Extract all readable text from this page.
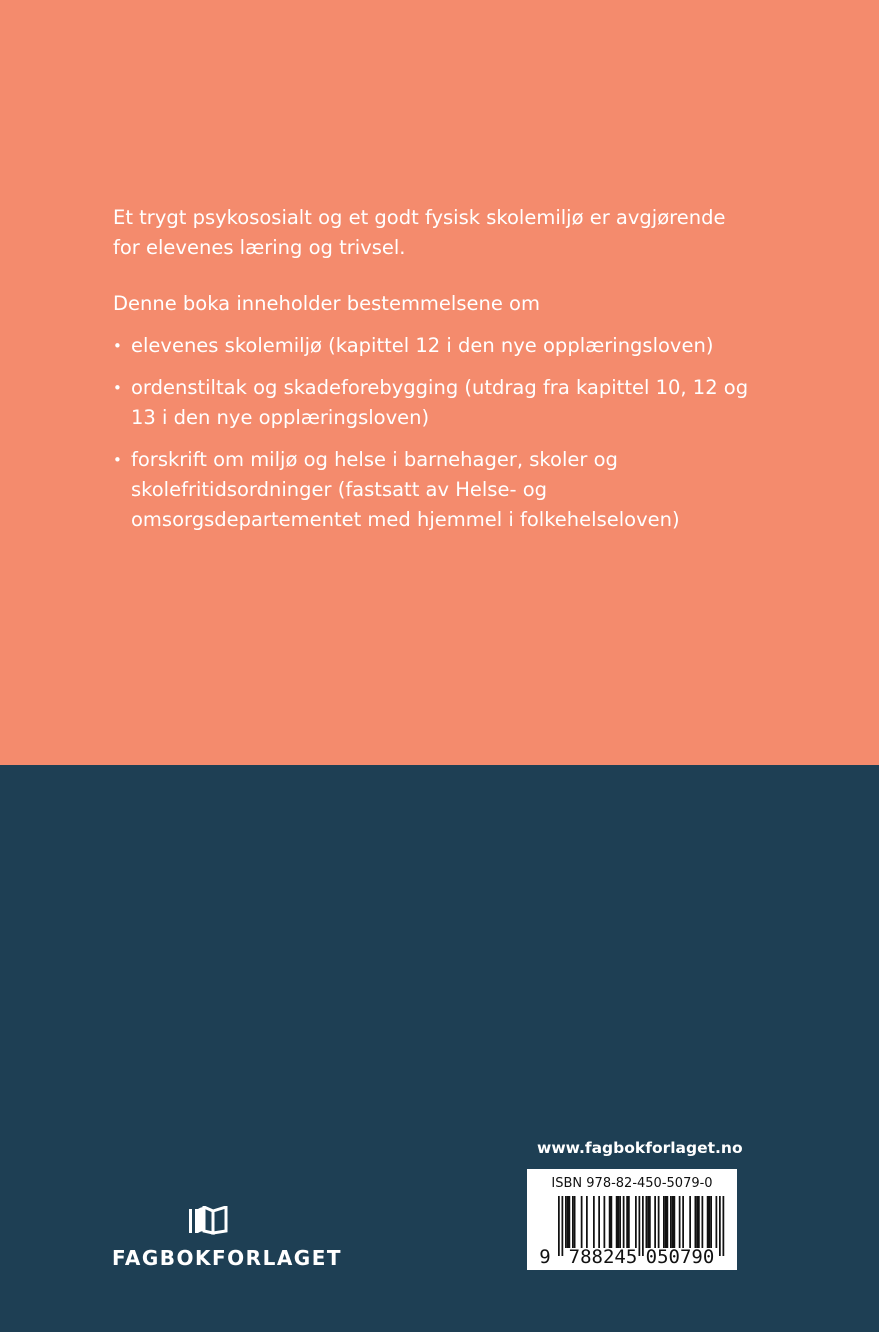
Et trygt psykososialt og et godt fysisk skolemiljø er avgjørende for elevenes læring og trivsel.

Denne boka inneholder bestemmelsene om

• elevenes skolemiljø (kapittel 12 i den nye opplæringsloven)
• ordenstiltak og skadeforebygging (utdrag fra kapittel 10, 12 og 13 i den nye opplæringsloven)
• forskrift om miljø og helse i barnehager, skoler og skolefritidsordninger (fastsatt av Helse- og omsorgsdepartementet med hjemmel i folkehelseloven)
www.fagbokforlaget.no
ISBN 978-82-450-5079-0
9 788245 050790
FAGBOKFORLAGET
